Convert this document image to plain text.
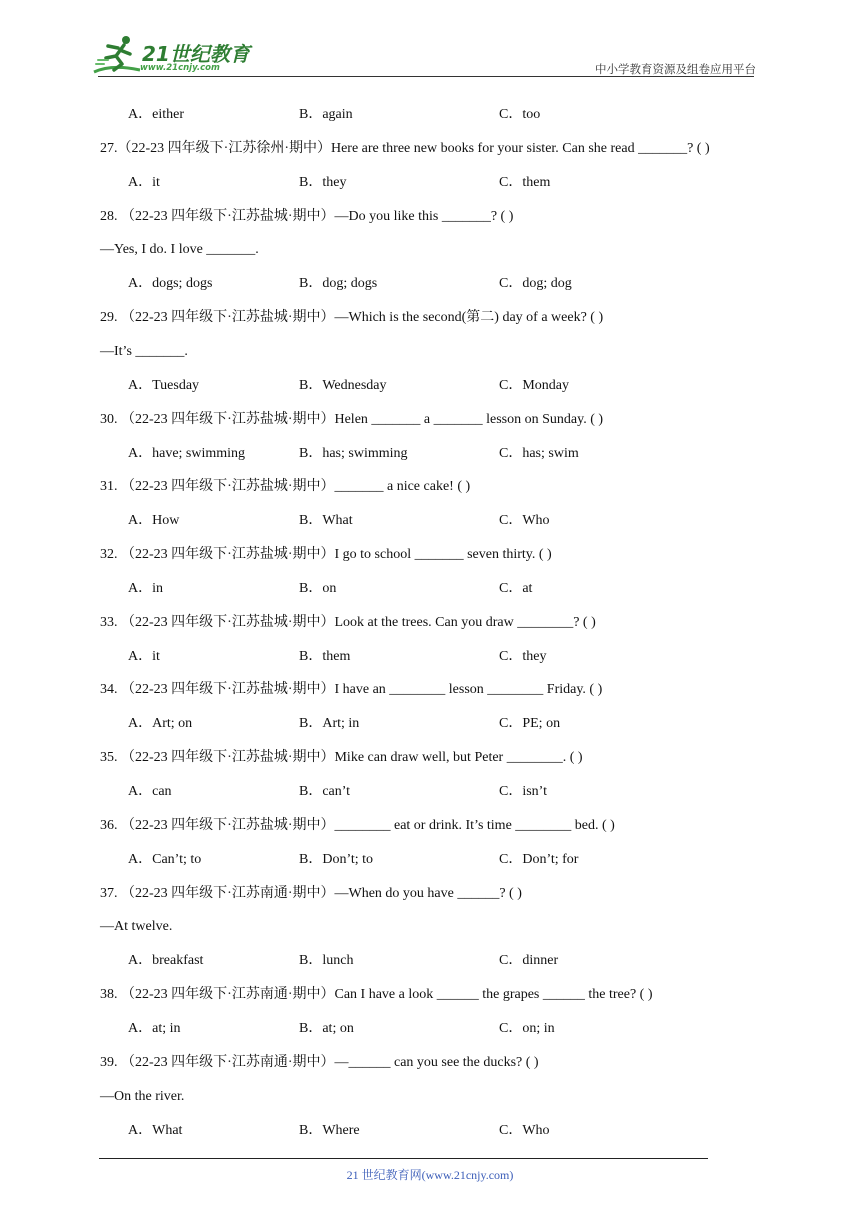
21世纪教育
www.21cnjy.com	中小学教育资源及组卷应用平台
A．either	B．again	C．too
27.（22-23 四年级下·江苏徐州·期中）Here are three new books for your sister. Can she read _______? ( )
A．it	B．they	C．them
28. （22-23 四年级下·江苏盐城·期中）—Do you like this _______? ( )
—Yes, I do. I love _______.
A．dogs; dogs	B．dog; dogs	C．dog; dog
29. （22-23 四年级下·江苏盐城·期中）—Which is the second(第二) day of a week? ( )
—It’s _______.
A．Tuesday	B．Wednesday	C．Monday
30. （22-23 四年级下·江苏盐城·期中）Helen _______ a _______ lesson on Sunday. ( )
A．have; swimming	B．has; swimming	C．has; swim
31. （22-23 四年级下·江苏盐城·期中）_______ a nice cake! ( )
A．How	B．What	C．Who
32. （22-23 四年级下·江苏盐城·期中）I go to school _______ seven thirty. ( )
A．in	B．on	C．at
33. （22-23 四年级下·江苏盐城·期中）Look at the trees. Can you draw ________? ( )
A．it	B．them	C．they
34. （22-23 四年级下·江苏盐城·期中）I have an ________ lesson ________ Friday. ( )
A．Art; on	B．Art; in	C．PE; on
35. （22-23 四年级下·江苏盐城·期中）Mike can draw well, but Peter ________. ( )
A．can	B．can’t	C．isn’t
36. （22-23 四年级下·江苏盐城·期中）________ eat or drink. It’s time ________ bed. ( )
A．Can’t; to	B．Don’t; to	C．Don’t; for
37. （22-23 四年级下·江苏南通·期中）—When do you have ______? ( )
—At twelve.
A．breakfast	B．lunch	C．dinner
38. （22-23 四年级下·江苏南通·期中）Can I have a look ______ the grapes ______ the tree? ( )
A．at; in	B．at; on	C．on; in
39. （22-23 四年级下·江苏南通·期中）—______ can you see the ducks? ( )
—On the river.
A．What	B．Where	C．Who
21 世纪教育网(www.21cnjy.com)
